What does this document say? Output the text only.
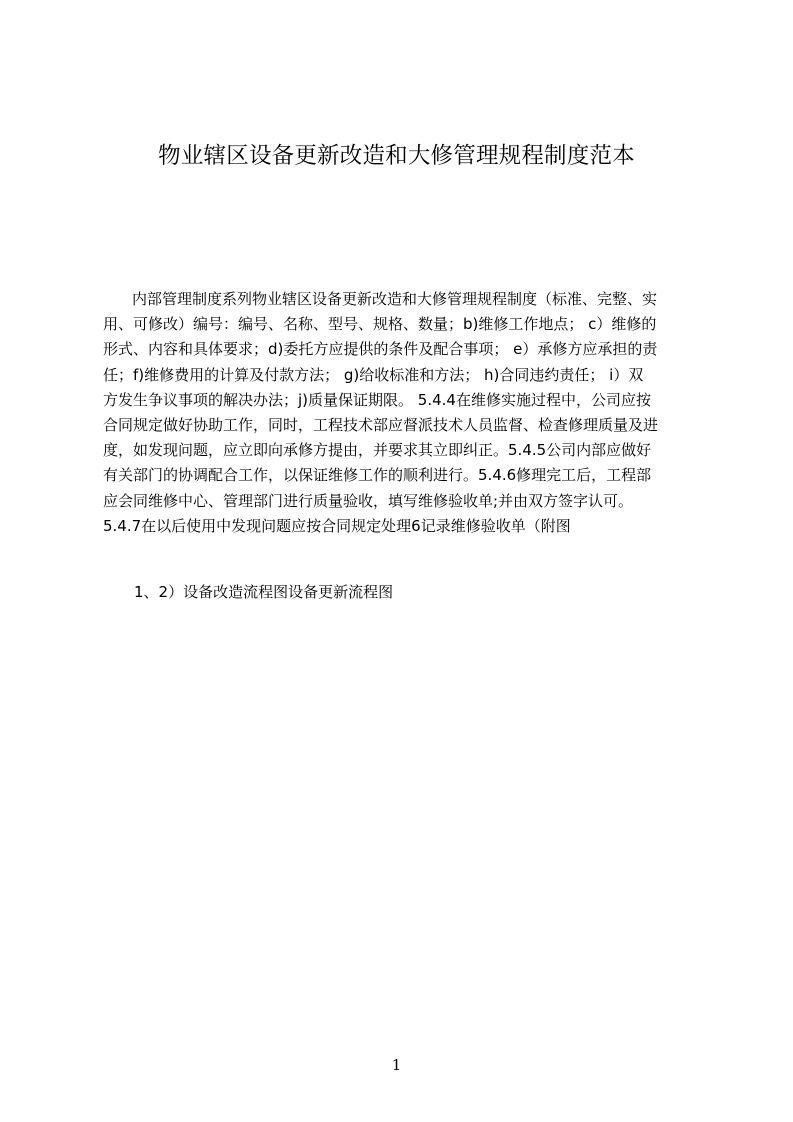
物业辖区设备更新改造和大修管理规程制度范本
内部管理制度系列物业辖区设备更新改造和大修管理规程制度（标准、完整、实
用、可修改）编号：编号、名称、型号、规格、数量；b)维修工作地点； c）维修的
形式、内容和具体要求；d)委托方应提供的条件及配合事项； e）承修方应承担的责
任；f)维修费用的计算及付款方法； g)给收标准和方法； h)合同违约责任； i）双
方发生争议事项的解决办法；j)质量保证期限。 5.4.4在维修实施过程中，公司应按
合同规定做好协助工作，同时，工程技术部应督派技术人员监督、检查修理质量及进
度，如发现问题，应立即向承修方提由，并要求其立即纠正。5.4.5公司内部应做好
有关部门的协调配合工作，以保证维修工作的顺利进行。5.4.6修理完工后，工程部
应会同维修中心、管理部门进行质量验收，填写维修验收单;并由双方签字认可。
5.4.7在以后使用中发现问题应按合同规定处理6记录维修验收单（附图
1、2）设备改造流程图设备更新流程图
1
